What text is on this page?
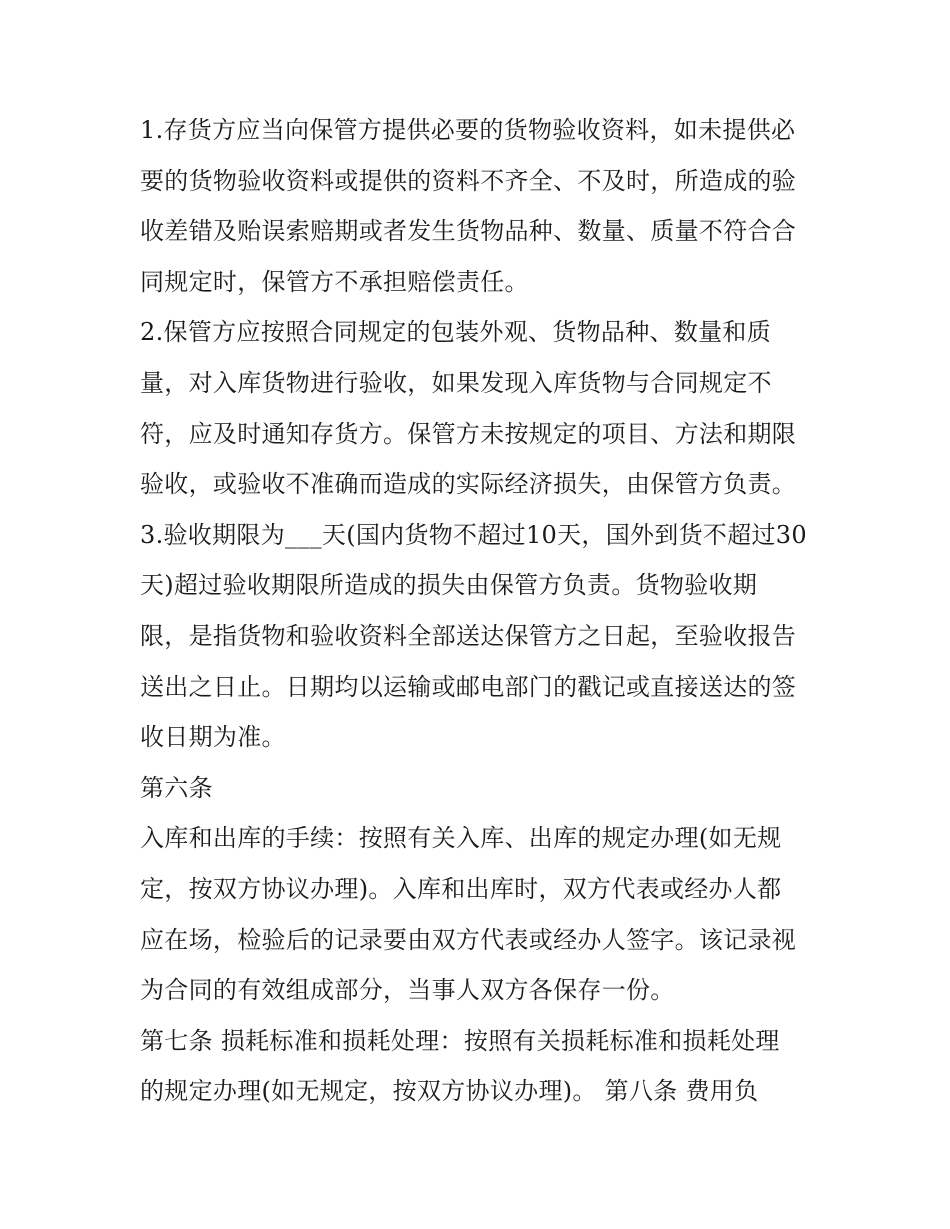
1.存货方应当向保管方提供必要的货物验收资料，如未提供必
要的货物验收资料或提供的资料不齐全、不及时，所造成的验
收差错及贻误索赔期或者发生货物品种、数量、质量不符合合
同规定时，保管方不承担赔偿责任。
2.保管方应按照合同规定的包装外观、货物品种、数量和质
量，对入库货物进行验收，如果发现入库货物与合同规定不
符，应及时通知存货方。保管方未按规定的项目、方法和期限
验收，或验收不准确而造成的实际经济损失，由保管方负责。
3.验收期限为___天(国内货物不超过10天，国外到货不超过30
天)超过验收期限所造成的损失由保管方负责。货物验收期
限，是指货物和验收资料全部送达保管方之日起，至验收报告
送出之日止。日期均以运输或邮电部门的戳记或直接送达的签
收日期为准。
第六条
入库和出库的手续：按照有关入库、出库的规定办理(如无规
定，按双方协议办理)。入库和出库时，双方代表或经办人都
应在场，检验后的记录要由双方代表或经办人签字。该记录视
为合同的有效组成部分，当事人双方各保存一份。
第七条 损耗标准和损耗处理：按照有关损耗标准和损耗处理
的规定办理(如无规定，按双方协议办理)。 第八条 费用负
